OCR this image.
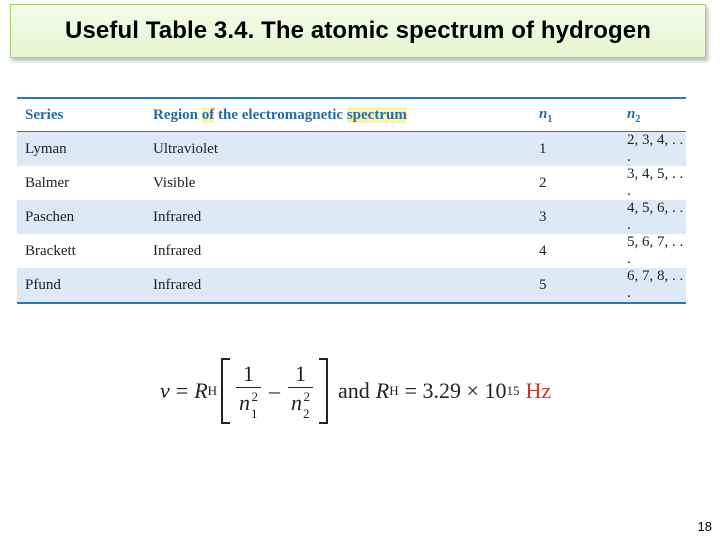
Useful Table 3.4. The atomic spectrum of hydrogen
Series	Region of the electromagnetic spectrum	$n_1$	$n_2$
Lyman	Ultraviolet	1	2, 3, 4, . . .
Balmer	Visible	2	3, 4, 5, . . .
Paschen	Infrared	3	4, 5, 6, . . .
Brackett	Infrared	4	5, 6, 7, . . .
Pfund	Infrared	5	6, 7, 8, . . .
ν = R H $\frac{1}{n_1^2} - \frac{1}{n_2^2}$ and R H = 3.29 × 10 15 Hz
18
